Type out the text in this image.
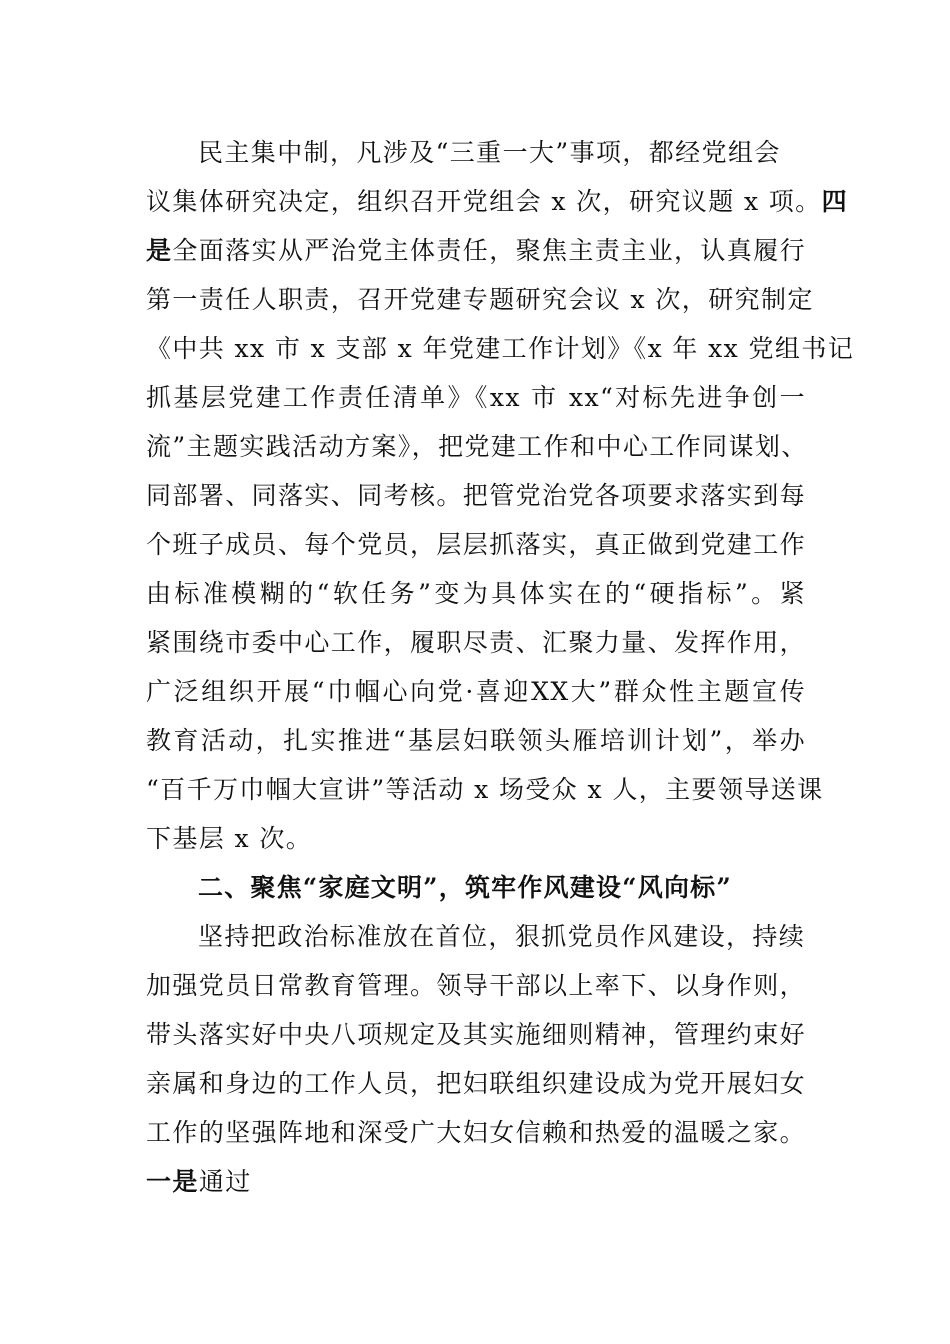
民主集中制，凡涉及“三重一大”事项，都经党组会
议集体研究决定，组织召开党组会 x 次，研究议题 x 项。四
是全面落实从严治党主体责任，聚焦主责主业，认真履行
第一责任人职责，召开党建专题研究会议 x 次，研究制定
《中共 xx 市 x 支部 x 年党建工作计划》《x 年 xx 党组书记
抓基层党建工作责任清单》《xx 市 xx“对标先进争创一
流”主题实践活动方案》，把党建工作和中心工作同谋划、
同部署、同落实、同考核。把管党治党各项要求落实到每
个班子成员、每个党员，层层抓落实，真正做到党建工作
由标准模糊的“软任务”变为具体实在的“硬指标”。紧
紧围绕市委中心工作，履职尽责、汇聚力量、发挥作用，
广泛组织开展“巾帼心向党·喜迎XX大”群众性主题宣传
教育活动，扎实推进“基层妇联领头雁培训计划”，举办
“百千万巾帼大宣讲”等活动 x 场受众 x 人，主要领导送课
下基层 x 次。
二、聚焦“家庭文明”，筑牢作风建设“风向标”
坚持把政治标准放在首位，狠抓党员作风建设，持续
加强党员日常教育管理。领导干部以上率下、以身作则，
带头落实好中央八项规定及其实施细则精神，管理约束好
亲属和身边的工作人员，把妇联组织建设成为党开展妇女
工作的坚强阵地和深受广大妇女信赖和热爱的温暖之家。
一是通过
